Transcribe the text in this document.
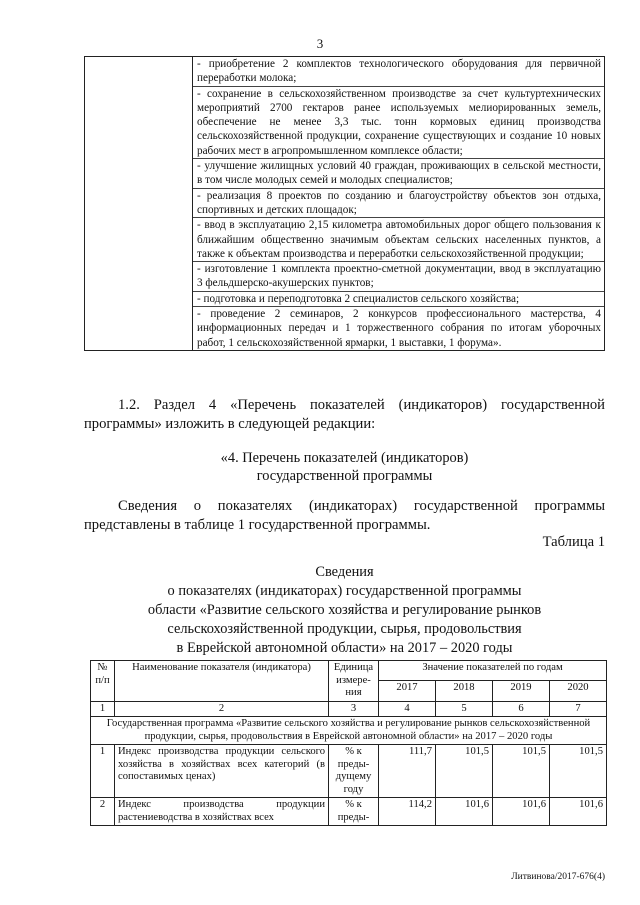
3

- приобретение 2 комплектов технологического оборудования для первичной переработки молока;
- сохранение в сельскохозяйственном производстве за счет культуртехнических мероприятий 2700 гектаров ранее используемых мелиорированных земель, обеспечение не менее 3,3 тыс. тонн кормовых единиц производства сельскохозяйственной продукции, сохранение существующих и создание 10 новых рабочих мест в агропромышленном комплексе области;
- улучшение жилищных условий 40 граждан, проживающих в сельской местности, в том числе молодых семей и молодых специалистов;
- реализация 8 проектов по созданию и благоустройству объектов зон отдыха, спортивных и детских площадок;
- ввод в эксплуатацию 2,15 километра автомобильных дорог общего пользования к ближайшим общественно значимым объектам сельских населенных пунктов, а также к объектам производства и переработки сельскохозяйственной продукции;
- изготовление 1 комплекта проектно-сметной документации, ввод в эксплуатацию 3 фельдшерско-акушерских пунктов;
- подготовка и переподготовка 2 специалистов сельского хозяйства;
- проведение 2 семинаров, 2 конкурсов профессионального мастерства, 4 информационных передач и 1 торжественного собрания по итогам уборочных работ, 1 сельскохозяйственной ярмарки, 1 выставки, 1 форума».
1.2. Раздел 4 «Перечень показателей (индикаторов) государственной программы» изложить в следующей редакции:
«4. Перечень показателей (индикаторов)
государственной программы
Сведения о показателях (индикаторах) государственной программы представлены в таблице 1 государственной программы.
Таблица 1
Сведения
о показателях (индикаторах) государственной программы
области «Развитие сельского хозяйства и регулирование рынков
сельскохозяйственной продукции, сырья, продовольствия
в Еврейской автономной области» на 2017 – 2020 годы
№ п/п	Наименование показателя (индикатора)	Единица измере-ния	Значение показателей по годам			
			2017	2018	2019	2020
1	2	3	4	5	6	7
Государственная программа «Развитие сельского хозяйства и регулирование рынков сельскохозяйственной продукции, сырья, продовольствия в Еврейской автономной области» на 2017 – 2020 годы						
1	Индекс производства продукции сельского хозяйства в хозяйствах всех категорий (в сопоставимых ценах)	% к преды-дущему году	111,7	101,5	101,5	101,5
2	Индекс производства продукции растениеводства в хозяйствах всех	% к преды-	114,2	101,6	101,6	101,6
Литвинова/2017-676(4)
